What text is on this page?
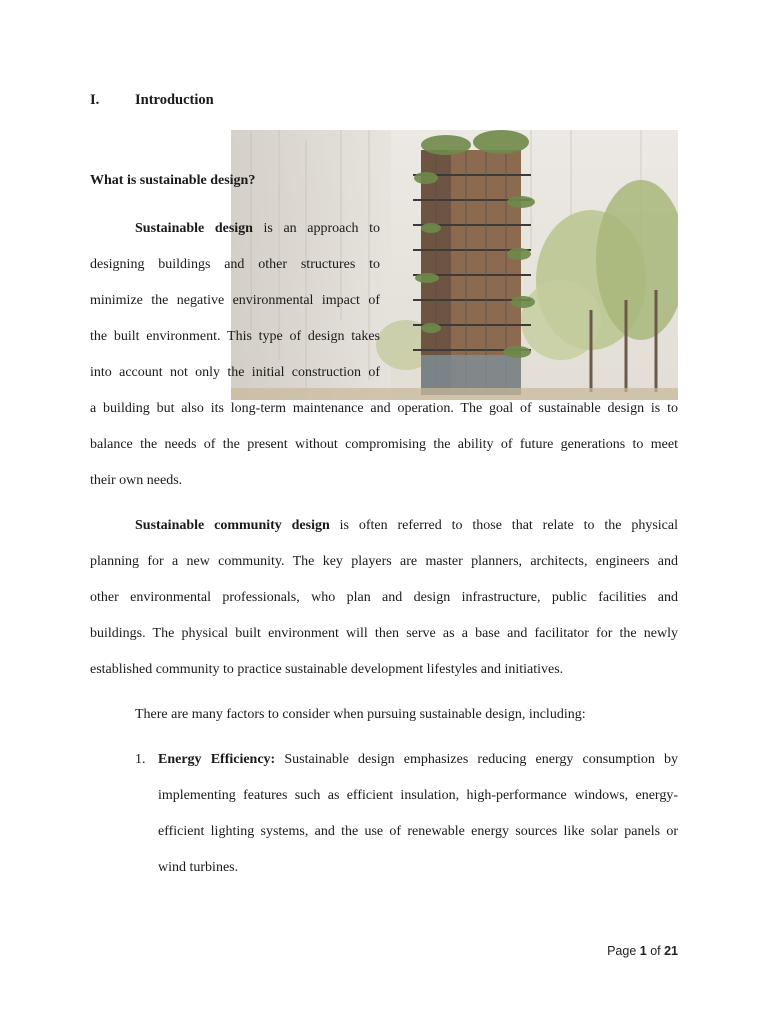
I. Introduction
What is sustainable design?
Sustainable design is an approach to
designing buildings and other structures to
minimize the negative environmental impact of
the built environment. This type of design takes
into account not only the initial construction of
a building but also its long-term maintenance and operation. The goal of sustainable design is to
balance the needs of the present without compromising the ability of future generations to meet
their own needs.
Sustainable community design is often referred to those that relate to the physical
planning for a new community. The key players are master planners, architects, engineers and
other environmental professionals, who plan and design infrastructure, public facilities and
buildings. The physical built environment will then serve as a base and facilitator for the newly
established community to practice sustainable development lifestyles and initiatives.
There are many factors to consider when pursuing sustainable design, including:
1. Energy Efficiency: Sustainable design emphasizes reducing energy consumption by
implementing features such as efficient insulation, high-performance windows, energy-
efficient lighting systems, and the use of renewable energy sources like solar panels or
wind turbines.
Page 1 of 21
